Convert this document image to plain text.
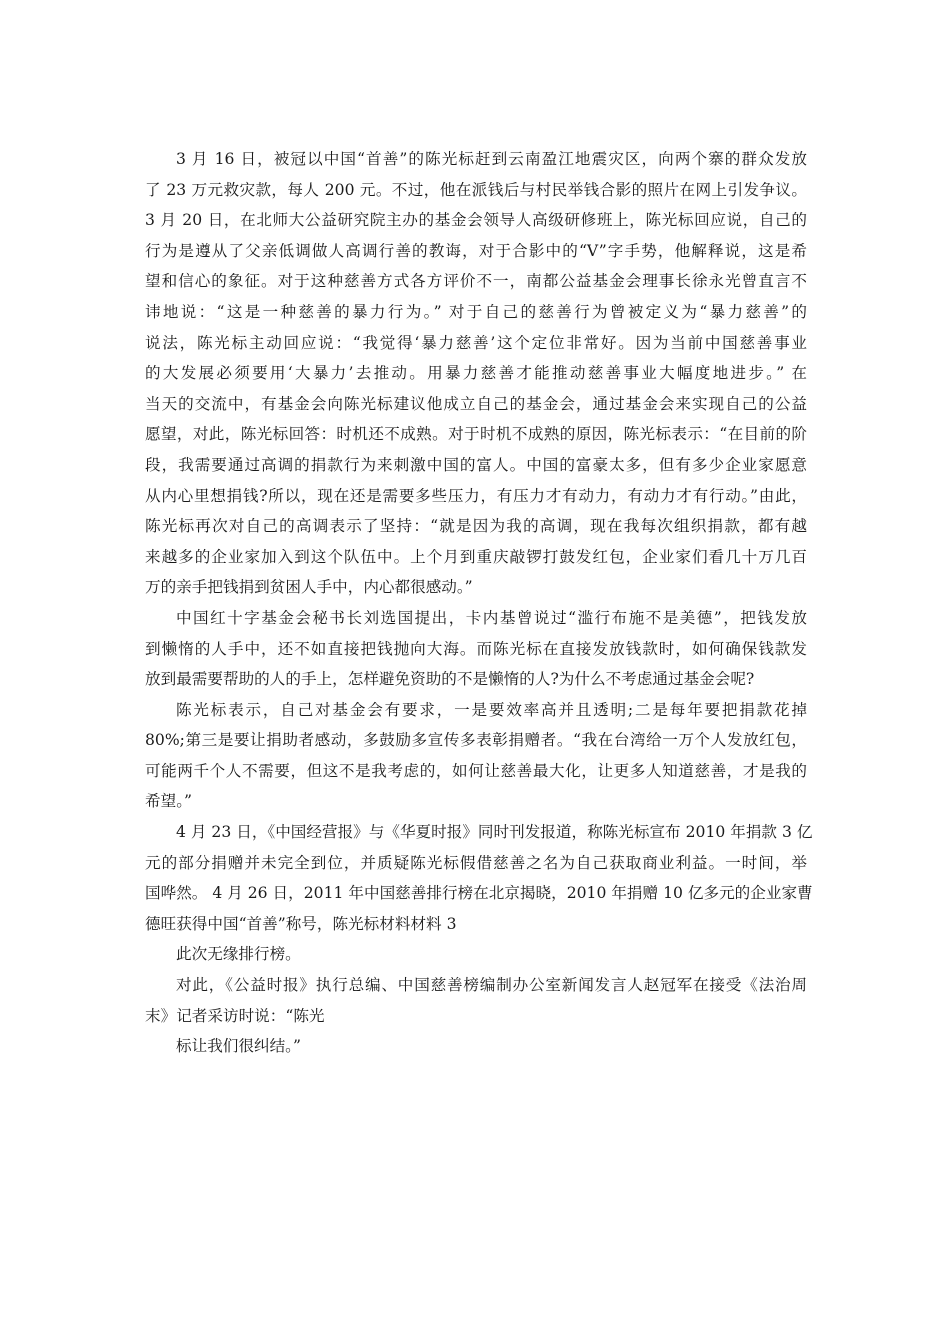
3 月 16 日，被冠以中国“首善”的陈光标赶到云南盈江地震灾区，向两个寨的群众发放
了 23 万元救灾款，每人 200 元。不过，他在派钱后与村民举钱合影的照片在网上引发争议。
3 月 20 日，在北师大公益研究院主办的基金会领导人高级研修班上，陈光标回应说，自己的
行为是遵从了父亲低调做人高调行善的教诲，对于合影中的“V”字手势，他解释说，这是希
望和信心的象征。对于这种慈善方式各方评价不一，南都公益基金会理事长徐永光曾直言不
讳地说：“这是一种慈善的暴力行为。” 对于自己的慈善行为曾被定义为“暴力慈善”的
说法，陈光标主动回应说：“我觉得‘暴力慈善’这个定位非常好。因为当前中国慈善事业
的大发展必须要用‘大暴力’去推动。用暴力慈善才能推动慈善事业大幅度地进步。” 在
当天的交流中，有基金会向陈光标建议他成立自己的基金会，通过基金会来实现自己的公益
愿望，对此，陈光标回答：时机还不成熟。对于时机不成熟的原因，陈光标表示：“在目前的阶
段，我需要通过高调的捐款行为来刺激中国的富人。中国的富豪太多，但有多少企业家愿意
从内心里想捐钱?所以，现在还是需要多些压力，有压力才有动力，有动力才有行动。”由此，
陈光标再次对自己的高调表示了坚持：“就是因为我的高调，现在我每次组织捐款，都有越
来越多的企业家加入到这个队伍中。上个月到重庆敲锣打鼓发红包，企业家们看几十万几百
万的亲手把钱捐到贫困人手中，内心都很感动。”
中国红十字基金会秘书长刘选国提出，卡内基曾说过“滥行布施不是美德”，把钱发放
到懒惰的人手中，还不如直接把钱抛向大海。而陈光标在直接发放钱款时，如何确保钱款发
放到最需要帮助的人的手上，怎样避免资助的不是懒惰的人?为什么不考虑通过基金会呢?
陈光标表示，自己对基金会有要求，一是要效率高并且透明;二是每年要把捐款花掉
80%;第三是要让捐助者感动，多鼓励多宣传多表彰捐赠者。“我在台湾给一万个人发放红包，
可能两千个人不需要，但这不是我考虑的，如何让慈善最大化，让更多人知道慈善，才是我的
希望。”
4 月 23 日，《中国经营报》与《华夏时报》同时刊发报道，称陈光标宣布 2010 年捐款 3 亿
元的部分捐赠并未完全到位，并质疑陈光标假借慈善之名为自己获取商业利益。一时间，举
国哗然。 4 月 26 日，2011 年中国慈善排行榜在北京揭晓，2010 年捐赠 10 亿多元的企业家曹
德旺获得中国“首善”称号，陈光标材料材料 3
此次无缘排行榜。
对此，《公益时报》执行总编、中国慈善榜编制办公室新闻发言人赵冠军在接受《法治周
末》记者采访时说：“陈光
标让我们很纠结。”
